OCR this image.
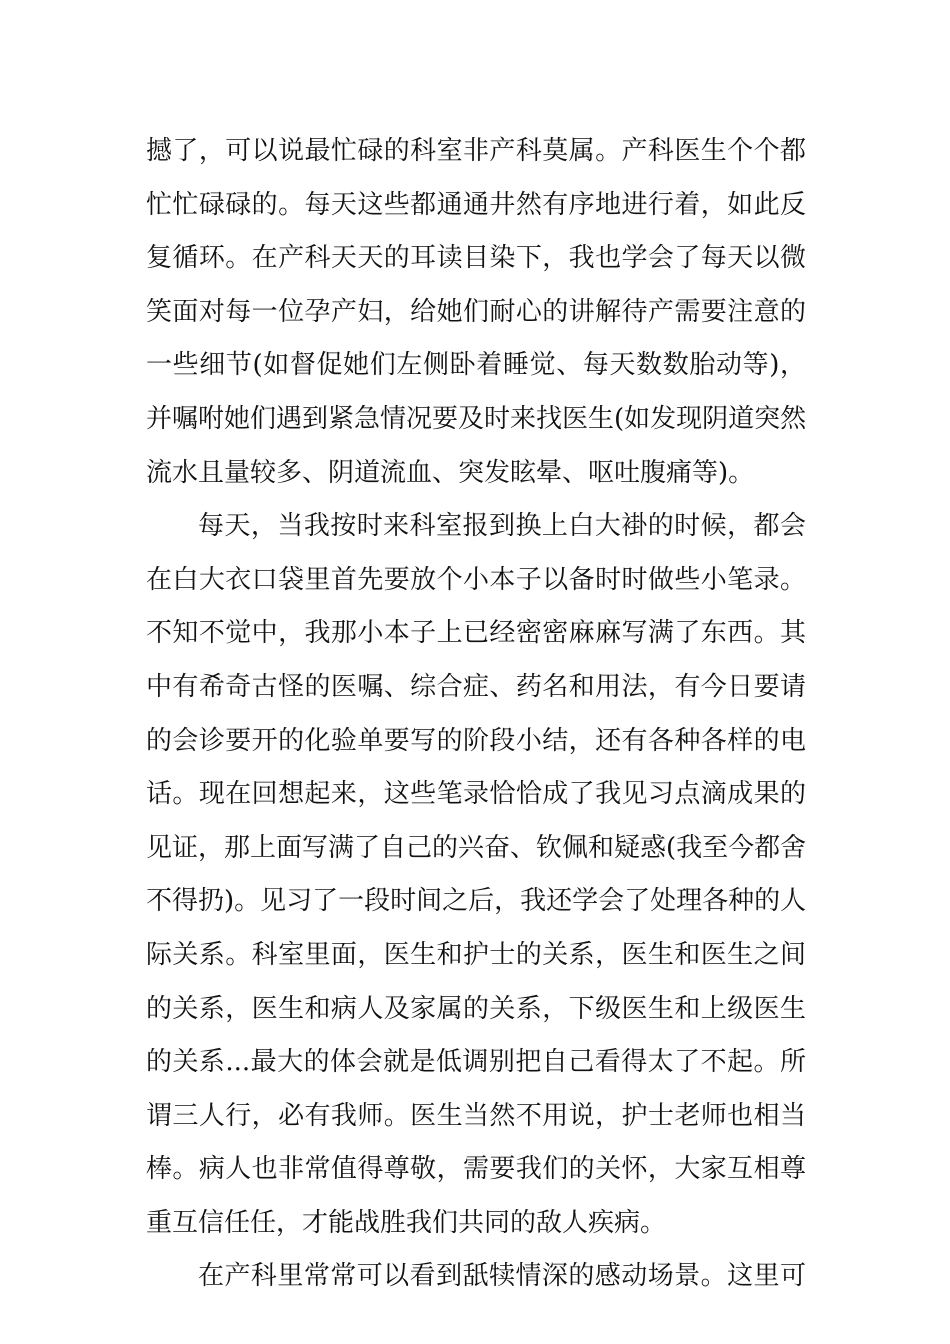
撼了，可以说最忙碌的科室非产科莫属。产科医生个个都
忙忙碌碌的。每天这些都通通井然有序地进行着，如此反
复循环。在产科天天的耳读目染下，我也学会了每天以微
笑面对每一位孕产妇，给她们耐心的讲解待产需要注意的
一些细节(如督促她们左侧卧着睡觉、每天数数胎动等)，
并嘱咐她们遇到紧急情况要及时来找医生(如发现阴道突然
流水且量较多、阴道流血、突发眩晕、呕吐腹痛等)。
每天，当我按时来科室报到换上白大褂的时候，都会
在白大衣口袋里首先要放个小本子以备时时做些小笔录。
不知不觉中，我那小本子上已经密密麻麻写满了东西。其
中有希奇古怪的医嘱、综合症、药名和用法，有今日要请
的会诊要开的化验单要写的阶段小结，还有各种各样的电
话。现在回想起来，这些笔录恰恰成了我见习点滴成果的
见证，那上面写满了自己的兴奋、钦佩和疑惑(我至今都舍
不得扔)。见习了一段时间之后，我还学会了处理各种的人
际关系。科室里面，医生和护士的关系，医生和医生之间
的关系，医生和病人及家属的关系，下级医生和上级医生
的关系...最大的体会就是低调别把自己看得太了不起。所
谓三人行，必有我师。医生当然不用说，护士老师也相当
棒。病人也非常值得尊敬，需要我们的关怀，大家互相尊
重互信任任，才能战胜我们共同的敌人疾病。
在产科里常常可以看到舐犊情深的感动场景。这里可
